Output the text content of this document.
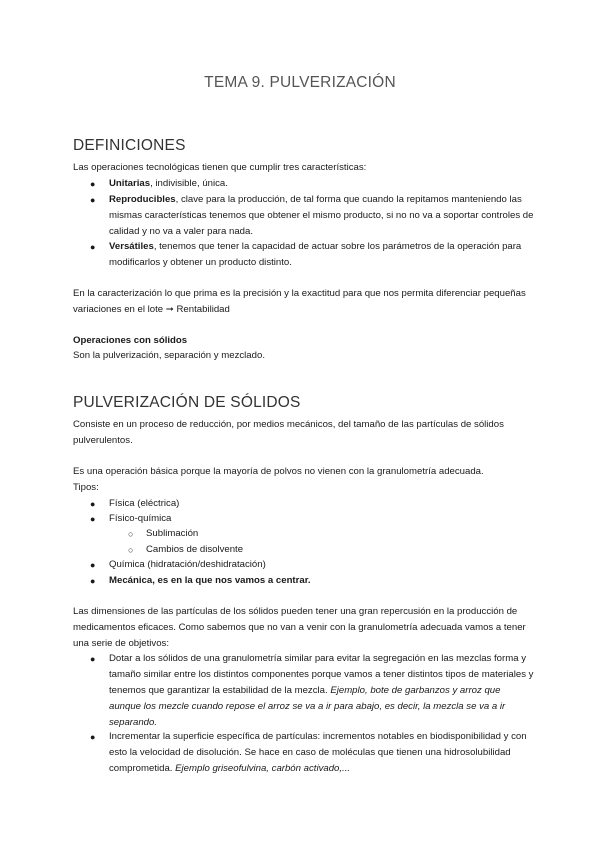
TEMA 9. PULVERIZACIÓN
DEFINICIONES
Las operaciones tecnológicas tienen que cumplir tres características:
● Unitarias, indivisible, única.
● Reproducibles, clave para la producción, de tal forma que cuando la repitamos manteniendo las mismas características tenemos que obtener el mismo producto, si no no va a soportar controles de calidad y no va a valer para nada.
● Versátiles, tenemos que tener la capacidad de actuar sobre los parámetros de la operación para modificarlos y obtener un producto distinto.
En la caracterización lo que prima es la precisión y la exactitud para que nos permita diferenciar pequeñas variaciones en el lote ➞ Rentabilidad
Operaciones con sólidos
Son la pulverización, separación y mezclado.
PULVERIZACIÓN DE SÓLIDOS
Consiste en un proceso de reducción, por medios mecánicos, del tamaño de las partículas de sólidos pulverulentos.
Es una operación básica porque la mayoría de polvos no vienen con la granulometría adecuada.
Tipos:
● Física (eléctrica)
● Físico-química
○ Sublimación
○ Cambios de disolvente
● Química (hidratación/deshidratación)
● Mecánica, es en la que nos vamos a centrar.
Las dimensiones de las partículas de los sólidos pueden tener una gran repercusión en la producción de medicamentos eficaces. Como sabemos que no van a venir con la granulometría adecuada vamos a tener una serie de objetivos:
● Dotar a los sólidos de una granulometría similar para evitar la segregación en las mezclas forma y tamaño similar entre los distintos componentes porque vamos a tener distintos tipos de materiales y tenemos que garantizar la estabilidad de la mezcla. Ejemplo, bote de garbanzos y arroz que aunque los mezcle cuando repose el arroz se va a ir para abajo, es decir, la mezcla se va a ir separando.
● Incrementar la superficie específica de partículas: incrementos notables en biodisponibilidad y con esto la velocidad de disolución. Se hace en caso de moléculas que tienen una hidrosolubilidad comprometida. Ejemplo griseofulvina, carbón activado,...
